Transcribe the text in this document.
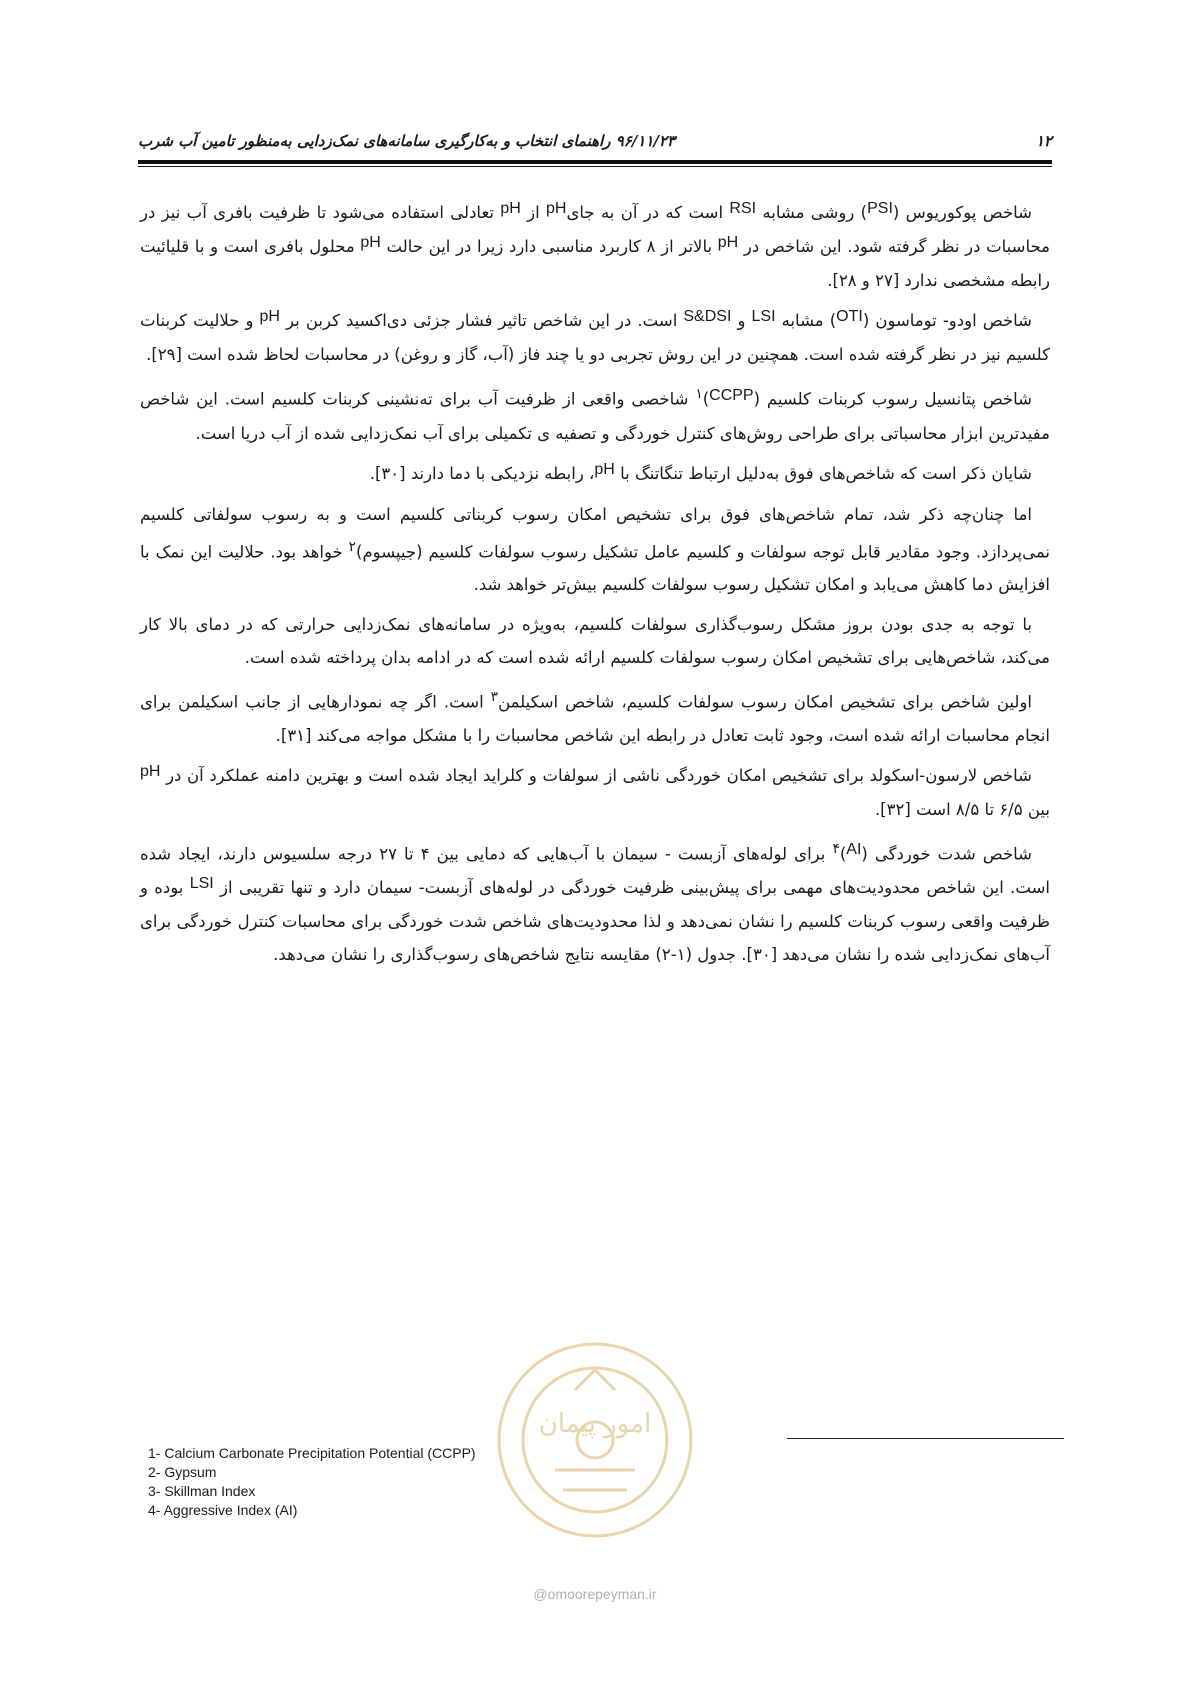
۱۲
۹۶/۱۱/۲۳ راهنمای انتخاب و به‌کارگیری سامانه‌های نمک‌زدایی به‌منظور تامین آب شرب

شاخص پوکوریوس (PSI) روشی مشابه RSI است که در آن به جایpH از pH تعادلی استفاده می‌شود تا ظرفیت بافری آب نیز در محاسبات در نظر گرفته شود. این شاخص در pH بالاتر از ۸ کاربرد مناسبی دارد زیرا در این حالت pH محلول بافری است و با قلیائیت رابطه مشخصی ندارد [۲۷ و ۲۸].

شاخص اودو- توماسون (OTI) مشابه LSI و S&DSI است. در این شاخص تاثیر فشار جزئی دی‌اکسید کربن بر pH و حلالیت کربنات کلسیم نیز در نظر گرفته شده است. همچنین در این روش تجربی دو یا چند فاز (آب، گاز و روغن) در محاسبات لحاظ شده است [۲۹].

شاخص پتانسیل رسوب کربنات کلسیم (CCPP)$^۱$ شاخصی واقعی از ظرفیت آب برای ته‌نشینی کربنات کلسیم است. این شاخص مفیدترین ابزار محاسباتی برای طراحی روش‌های کنترل خوردگی و تصفیه ی تکمیلی برای آب نمک‌زدایی شده از آب دریا است.

شایان ذکر است که شاخص‌های فوق به‌دلیل ارتباط تنگاتنگ با pH، رابطه نزدیکی با دما دارند [۳۰].

اما چنان‌چه ذکر شد، تمام شاخص‌های فوق برای تشخیص امکان رسوب کربناتی کلسیم است و به رسوب سولفاتی کلسیم نمی‌پردازد. وجود مقادیر قابل توجه سولفات و کلسیم عامل تشکیل رسوب سولفات کلسیم (جیپسوم)$^۲$ خواهد بود. حلالیت این نمک با افزایش دما کاهش می‌یابد و امکان تشکیل رسوب سولفات کلسیم بیش‌تر خواهد شد.

با توجه به جدی بودن بروز مشکل رسوب‌گذاری سولفات کلسیم، به‌ویژه در سامانه‌های نمک‌زدایی حرارتی که در دمای بالا کار می‌کند، شاخص‌هایی برای تشخیص امکان رسوب سولفات کلسیم ارائه شده است که در ادامه بدان پرداخته شده است.

اولین شاخص برای تشخیص امکان رسوب سولفات کلسیم، شاخص اسکیلمن$^۳$ است. اگر چه نمودارهایی از جانب اسکیلمن برای انجام محاسبات ارائه شده است، وجود ثابت تعادل در رابطه این شاخص محاسبات را با مشکل مواجه می‌کند [۳۱].

شاخص لارسون-اسکولد برای تشخیص امکان خوردگی ناشی از سولفات و کلراید ایجاد شده است و بهترین دامنه عملکرد آن در pH بین ۶/۵ تا ۸/۵ است [۳۲].

شاخص شدت خوردگی (AI)$^۴$ برای لوله‌های آزبست - سیمان با آب‌هایی که دمایی بین ۴ تا ۲۷ درجه سلسیوس دارند، ایجاد شده است. این شاخص محدودیت‌های مهمی برای پیش‌بینی ظرفیت خوردگی در لوله‌های آزبست- سیمان دارد و تنها تقریبی از LSI بوده و ظرفیت واقعی رسوب کربنات کلسیم را نشان نمی‌دهد و لذا محدودیت‌های شاخص شدت خوردگی برای محاسبات کنترل خوردگی برای آب‌های نمک‌زدایی شده را نشان می‌دهد [۳۰]. جدول (۱-۲) مقایسه نتایج شاخص‌های رسوب‌گذاری را نشان می‌دهد.

امور پیمان
1- Calcium Carbonate Precipitation Potential (CCPP)
2- Gypsum
3- Skillman Index
4- Aggressive Index (AI)
@omoorepeyman.ir
